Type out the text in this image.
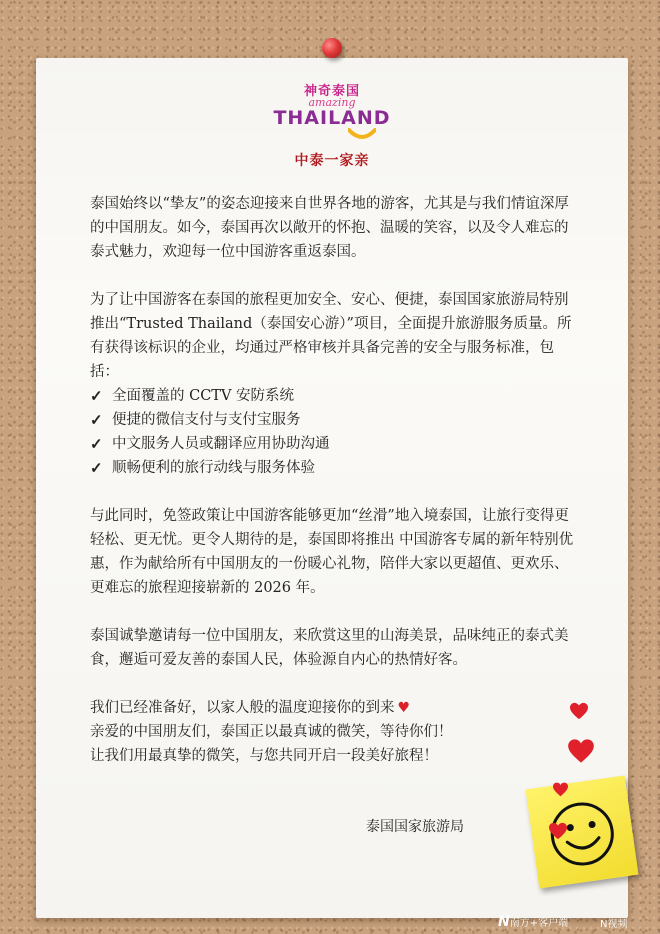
神奇泰国
amazing
THAILAND
中泰一家亲

泰国始终以“挚友”的姿态迎接来自世界各地的游客，尤其是与我们情谊深厚的中国朋友。如今，泰国再次以敞开的怀抱、温暖的笑容，以及令人难忘的泰式魅力，欢迎每一位中国游客重返泰国。

为了让中国游客在泰国的旅程更加安全、安心、便捷，泰国国家旅游局特别推出“Trusted Thailand（泰国安心游）”项目，全面提升旅游服务质量。所有获得该标识的企业，均通过严格审核并具备完善的安全与服务标准，包括：

✓ 全面覆盖的 CCTV 安防系统
✓ 便捷的微信支付与支付宝服务
✓ 中文服务人员或翻译应用协助沟通
✓ 顺畅便利的旅行动线与服务体验

与此同时，免签政策让中国游客能够更加“丝滑”地入境泰国，让旅行变得更轻松、更无忧。更令人期待的是，泰国即将推出 中国游客专属的新年特别优惠，作为献给所有中国朋友的一份暖心礼物，陪伴大家以更超值、更欢乐、更难忘的旅程迎接崭新的 2026 年。

泰国诚挚邀请每一位中国朋友，来欣赏这里的山海美景，品味纯正的泰式美食，邂逅可爱友善的泰国人民，体验源自内心的热情好客。

我们已经准备好，以家人般的温度迎接你的到来 ♥
亲爱的中国朋友们，泰国正以最真诚的微笑，等待你们！
让我们用最真挚的微笑，与您共同开启一段美好旅程！
泰国国家旅游局
N南方+客户端	N视频
